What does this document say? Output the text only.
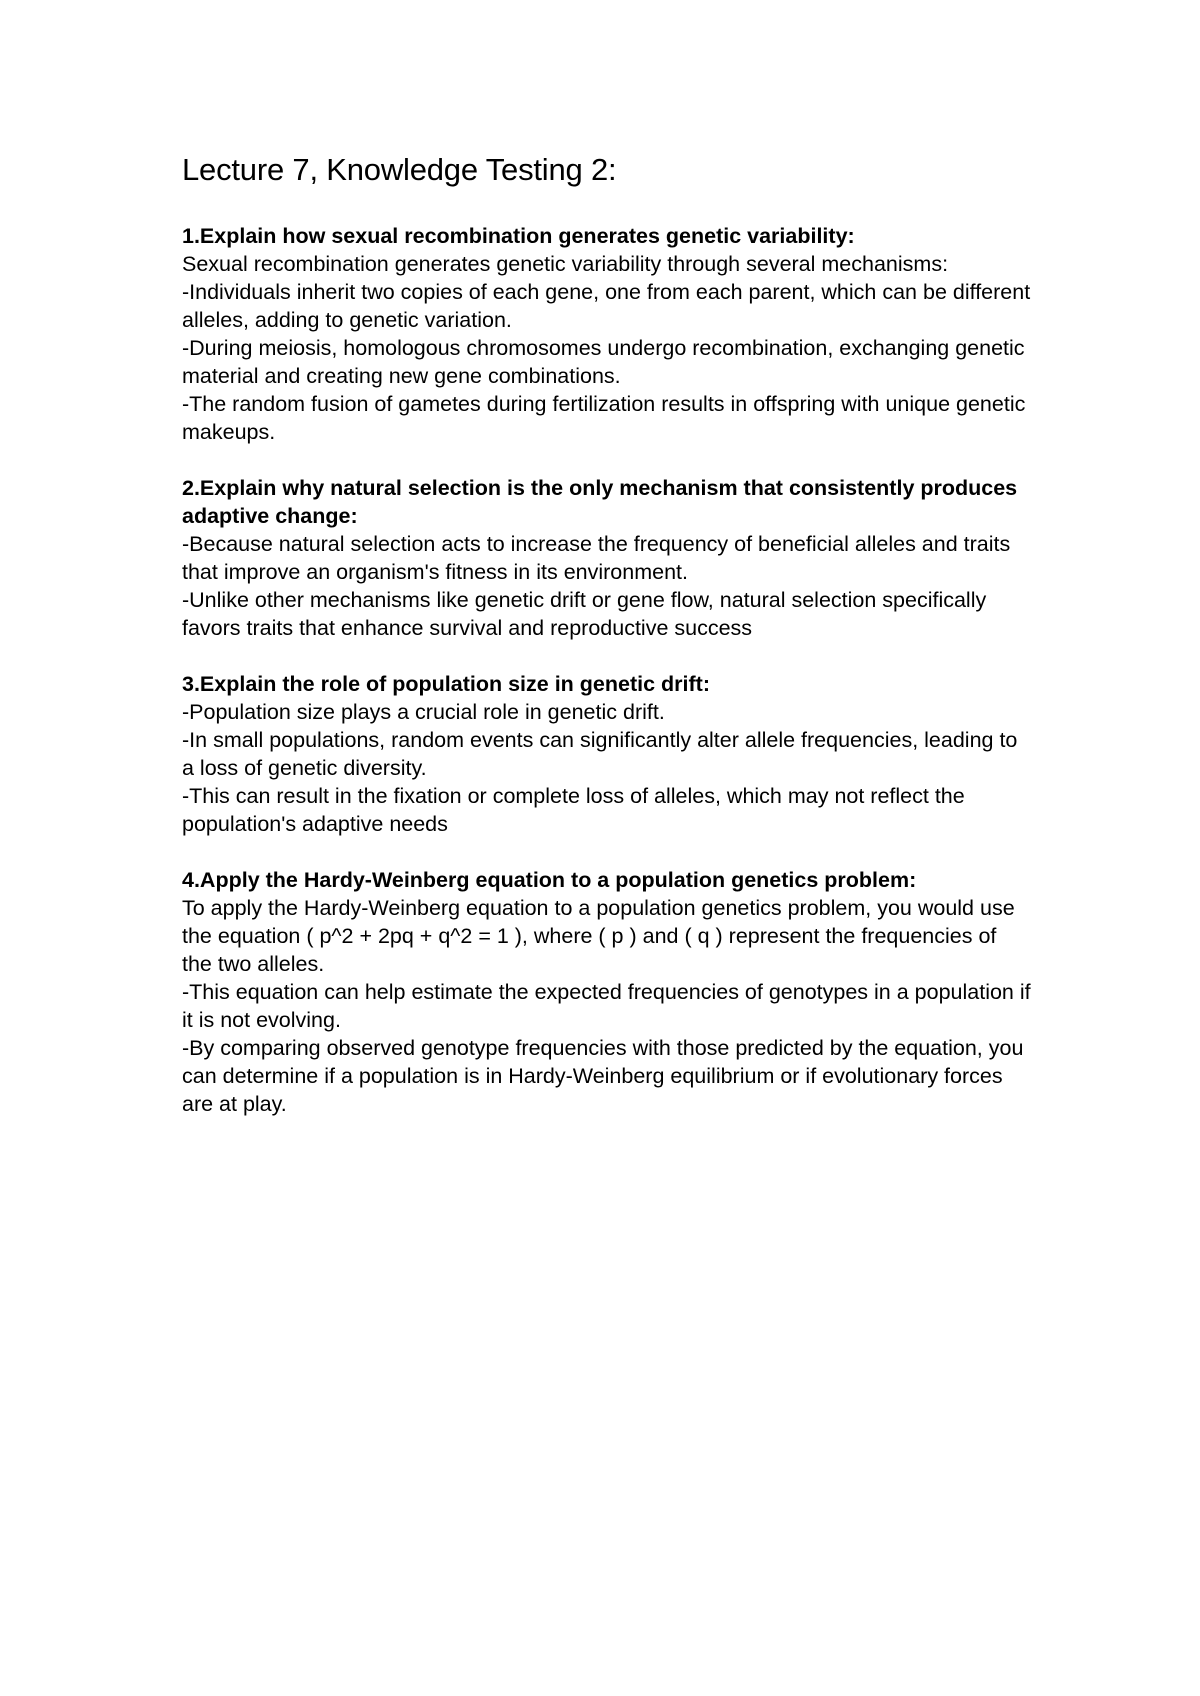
Lecture 7, Knowledge Testing 2:

1.Explain how sexual recombination generates genetic variability:

Sexual recombination generates genetic variability through several mechanisms:

-Individuals inherit two copies of each gene, one from each parent, which can be different alleles, adding to genetic variation.

-During meiosis, homologous chromosomes undergo recombination, exchanging genetic material and creating new gene combinations.

-The random fusion of gametes during fertilization results in offspring with unique genetic makeups.

2.Explain why natural selection is the only mechanism that consistently produces adaptive change:

-Because natural selection acts to increase the frequency of beneficial alleles and traits that improve an organism's fitness in its environment.

-Unlike other mechanisms like genetic drift or gene flow, natural selection specifically favors traits that enhance survival and reproductive success

3.Explain the role of population size in genetic drift:

-Population size plays a crucial role in genetic drift.

-In small populations, random events can significantly alter allele frequencies, leading to a loss of genetic diversity.

-This can result in the fixation or complete loss of alleles, which may not reflect the population's adaptive needs

4.Apply the Hardy-Weinberg equation to a population genetics problem:

To apply the Hardy-Weinberg equation to a population genetics problem, you would use the equation ( p^2 + 2pq + q^2 = 1 ), where ( p ) and ( q ) represent the frequencies of the two alleles.

-This equation can help estimate the expected frequencies of genotypes in a population if it is not evolving.

-By comparing observed genotype frequencies with those predicted by the equation, you can determine if a population is in Hardy-Weinberg equilibrium or if evolutionary forces are at play.
